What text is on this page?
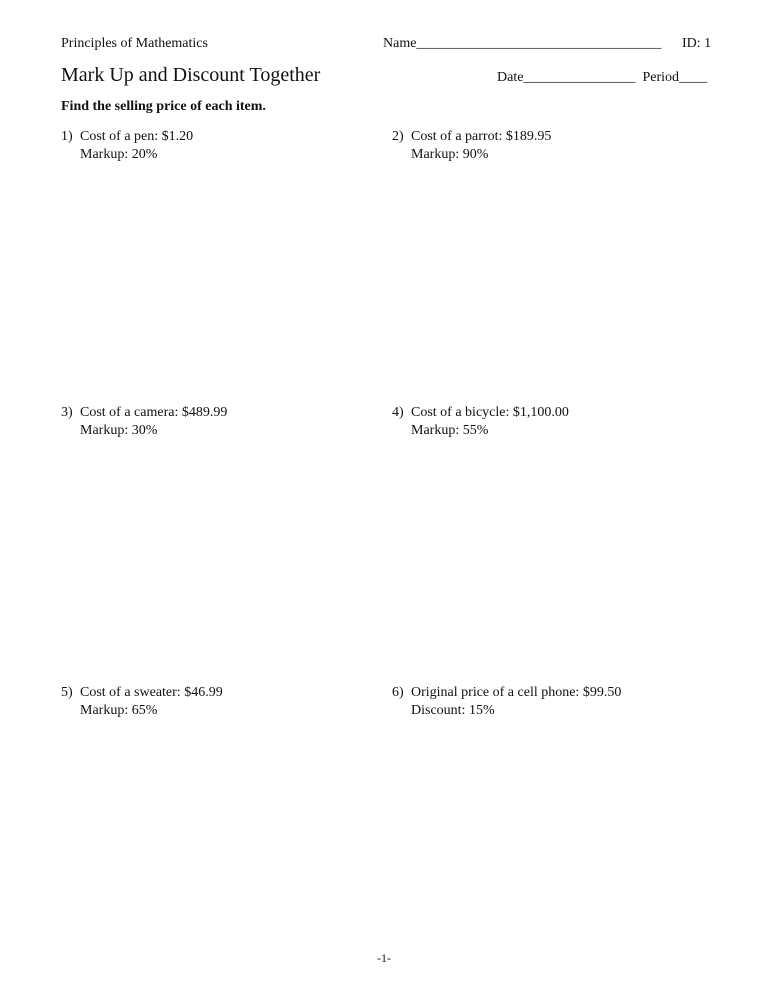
Principles of Mathematics	Name___________________________________ ID: 1
Mark Up and Discount Together	Date________________ Period____
Find the selling price of each item.
1) Cost of a pen: $1.20
Markup: 20%
2) Cost of a parrot: $189.95
Markup: 90%
3) Cost of a camera: $489.99
Markup: 30%
4) Cost of a bicycle: $1,100.00
Markup: 55%
5) Cost of a sweater: $46.99
Markup: 65%
6) Original price of a cell phone: $99.50
Discount: 15%
-1-
